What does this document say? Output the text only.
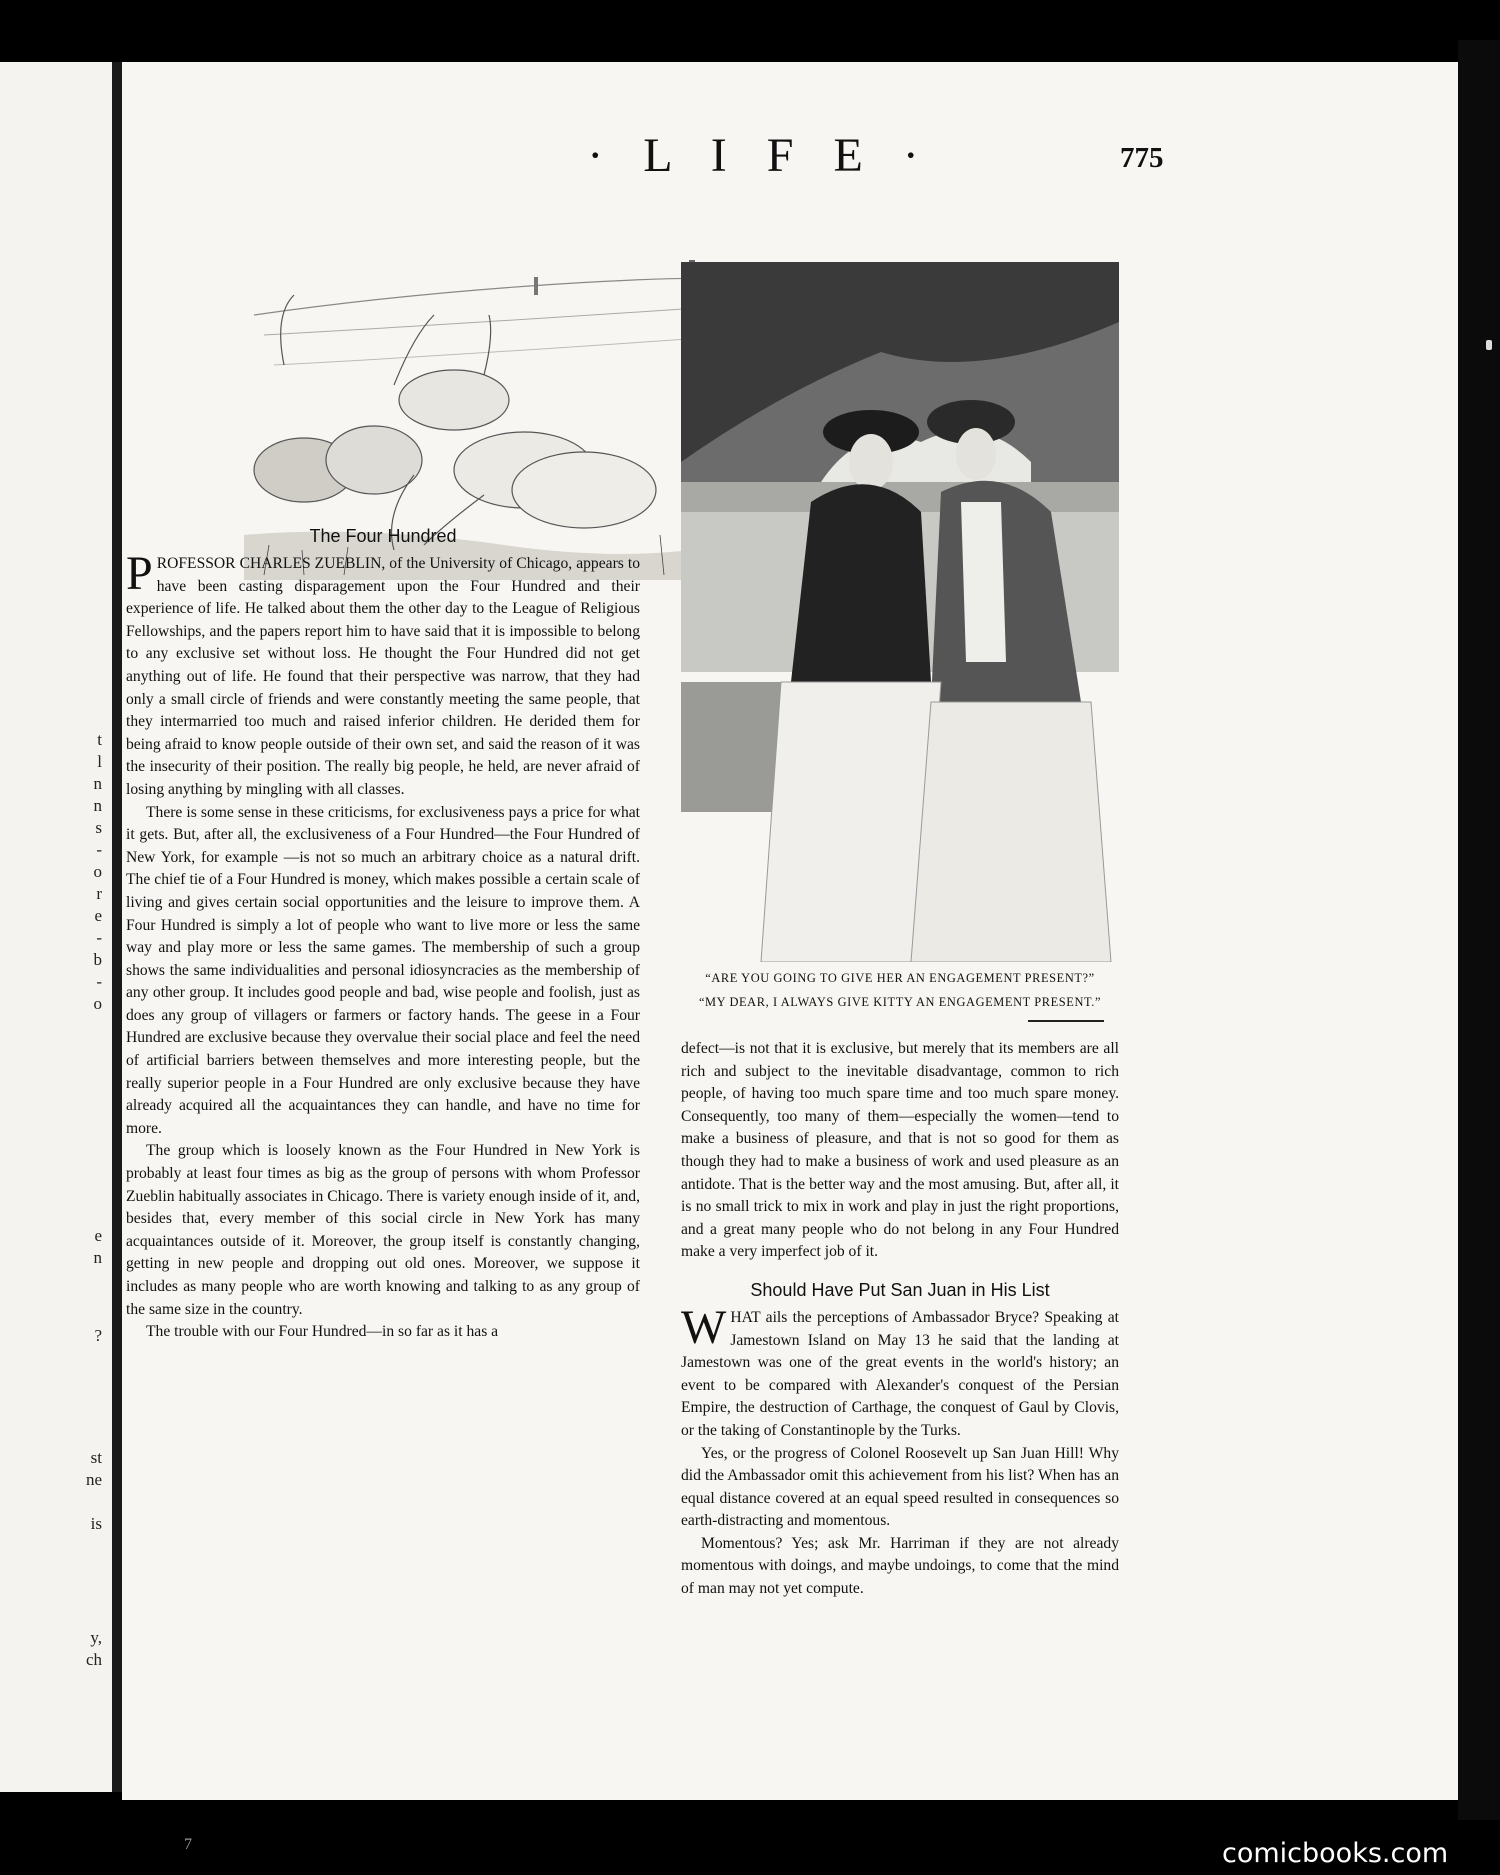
t
l
n
n
s
-
o
r
e
-
b
-
o
e
n
?
st
ne
is
y,
ch
· L I F E ·	775
“ARE YOU GOING TO GIVE HER AN ENGAGEMENT PRESENT?”
“MY DEAR, I ALWAYS GIVE KITTY AN ENGAGEMENT PRESENT.”
The Four Hundred
P ROFESSOR CHARLES ZUEBLIN, of the University of Chicago, appears to have been casting disparagement upon the Four Hundred and their experience of life. He talked about them the other day to the League of Religious Fellowships, and the papers report him to have said that it is impossible to belong to any exclusive set without loss. He thought the Four Hundred did not get anything out of life. He found that their perspective was narrow, that they had only a small circle of friends and were constantly meeting the same people, that they intermarried too much and raised inferior children. He derided them for being afraid to know people outside of their own set, and said the reason of it was the insecurity of their position. The really big people, he held, are never afraid of losing anything by mingling with all classes.
There is some sense in these criticisms, for exclusiveness pays a price for what it gets. But, after all, the exclusiveness of a Four Hundred—the Four Hundred of New York, for example —is not so much an arbitrary choice as a natural drift. The chief tie of a Four Hundred is money, which makes possible a certain scale of living and gives certain social opportunities and the leisure to improve them. A Four Hundred is simply a lot of people who want to live more or less the same way and play more or less the same games. The membership of such a group shows the same individualities and personal idiosyncracies as the membership of any other group. It includes good people and bad, wise people and foolish, just as does any group of villagers or farmers or factory hands. The geese in a Four Hundred are exclusive because they overvalue their social place and feel the need of artificial barriers between themselves and more interesting people, but the really superior people in a Four Hundred are only exclusive because they have already acquired all the acquaintances they can handle, and have no time for more.
The group which is loosely known as the Four Hundred in New York is probably at least four times as big as the group of persons with whom Professor Zueblin habitually associates in Chicago. There is variety enough inside of it, and, besides that, every member of this social circle in New York has many acquaintances outside of it. Moreover, the group itself is constantly changing, getting in new people and dropping out old ones. Moreover, we suppose it includes as many people who are worth knowing and talking to as any group of the same size in the country.
The trouble with our Four Hundred—in so far as it has a
defect—is not that it is exclusive, but merely that its members are all rich and subject to the inevitable disadvantage, common to rich people, of having too much spare time and too much spare money. Consequently, too many of them—especially the women—tend to make a business of pleasure, and that is not so good for them as though they had to make a business of work and used pleasure as an antidote. That is the better way and the most amusing. But, after all, it is no small trick to mix in work and play in just the right proportions, and a great many people who do not belong in any Four Hundred make a very imperfect job of it.
Should Have Put San Juan in His List
W HAT ails the perceptions of Ambassador Bryce? Speaking at Jamestown Island on May 13 he said that the landing at Jamestown was one of the great events in the world's history; an event to be compared with Alexander's conquest of the Persian Empire, the destruction of Carthage, the conquest of Gaul by Clovis, or the taking of Constantinople by the Turks.
Yes, or the progress of Colonel Roosevelt up San Juan Hill! Why did the Ambassador omit this achievement from his list? When has an equal distance covered at an equal speed resulted in consequences so earth-distracting and momentous.
Momentous? Yes; ask Mr. Harriman if they are not already momentous with doings, and maybe undoings, to come that the mind of man may not yet compute.
7	comicbooks.com
